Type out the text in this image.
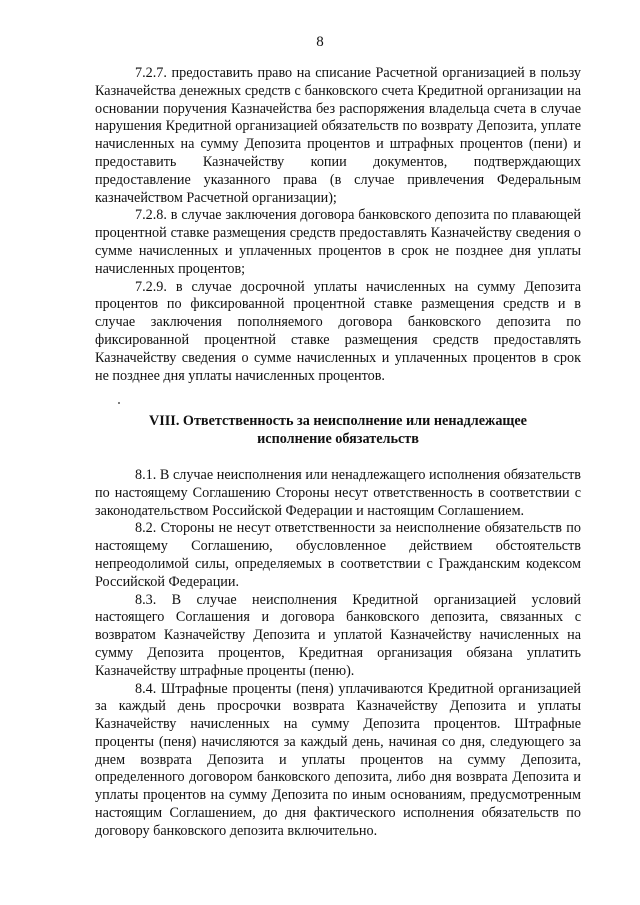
8

7.2.7. предоставить право на списание Расчетной организацией в пользу Казначейства денежных средств с банковского счета Кредитной организации на основании поручения Казначейства без распоряжения владельца счета в случае нарушения Кредитной организацией обязательств по возврату Депозита, уплате начисленных на сумму Депозита процентов и штрафных процентов (пени) и предоставить Казначейству копии документов, подтверждающих предоставление указанного права (в случае привлечения Федеральным казначейством Расчетной организации);

7.2.8. в случае заключения договора банковского депозита по плавающей процентной ставке размещения средств предоставлять Казначейству сведения о сумме начисленных и уплаченных процентов в срок не позднее дня уплаты начисленных процентов;

7.2.9. в случае досрочной уплаты начисленных на сумму Депозита процентов по фиксированной процентной ставке размещения средств и в случае заключения пополняемого договора банковского депозита по фиксированной процентной ставке размещения средств предоставлять Казначейству сведения о сумме начисленных и уплаченных процентов в срок не позднее дня уплаты начисленных процентов.

VIII. Ответственность за неисполнение или ненадлежащее исполнение обязательств

8.1. В случае неисполнения или ненадлежащего исполнения обязательств по настоящему Соглашению Стороны несут ответственность в соответствии с законодательством Российской Федерации и настоящим Соглашением.

8.2. Стороны не несут ответственности за неисполнение обязательств по настоящему Соглашению, обусловленное действием обстоятельств непреодолимой силы, определяемых в соответствии с Гражданским кодексом Российской Федерации.

8.3. В случае неисполнения Кредитной организацией условий настоящего Соглашения и договора банковского депозита, связанных с возвратом Казначейству Депозита и уплатой Казначейству начисленных на сумму Депозита процентов, Кредитная организация обязана уплатить Казначейству штрафные проценты (пеню).

8.4. Штрафные проценты (пеня) уплачиваются Кредитной организацией за каждый день просрочки возврата Казначейству Депозита и уплаты Казначейству начисленных на сумму Депозита процентов. Штрафные проценты (пеня) начисляются за каждый день, начиная со дня, следующего за днем возврата Депозита и уплаты процентов на сумму Депозита, определенного договором банковского депозита, либо дня возврата Депозита и уплаты процентов на сумму Депозита по иным основаниям, предусмотренным настоящим Соглашением, до дня фактического исполнения обязательств по договору банковского депозита включительно.
